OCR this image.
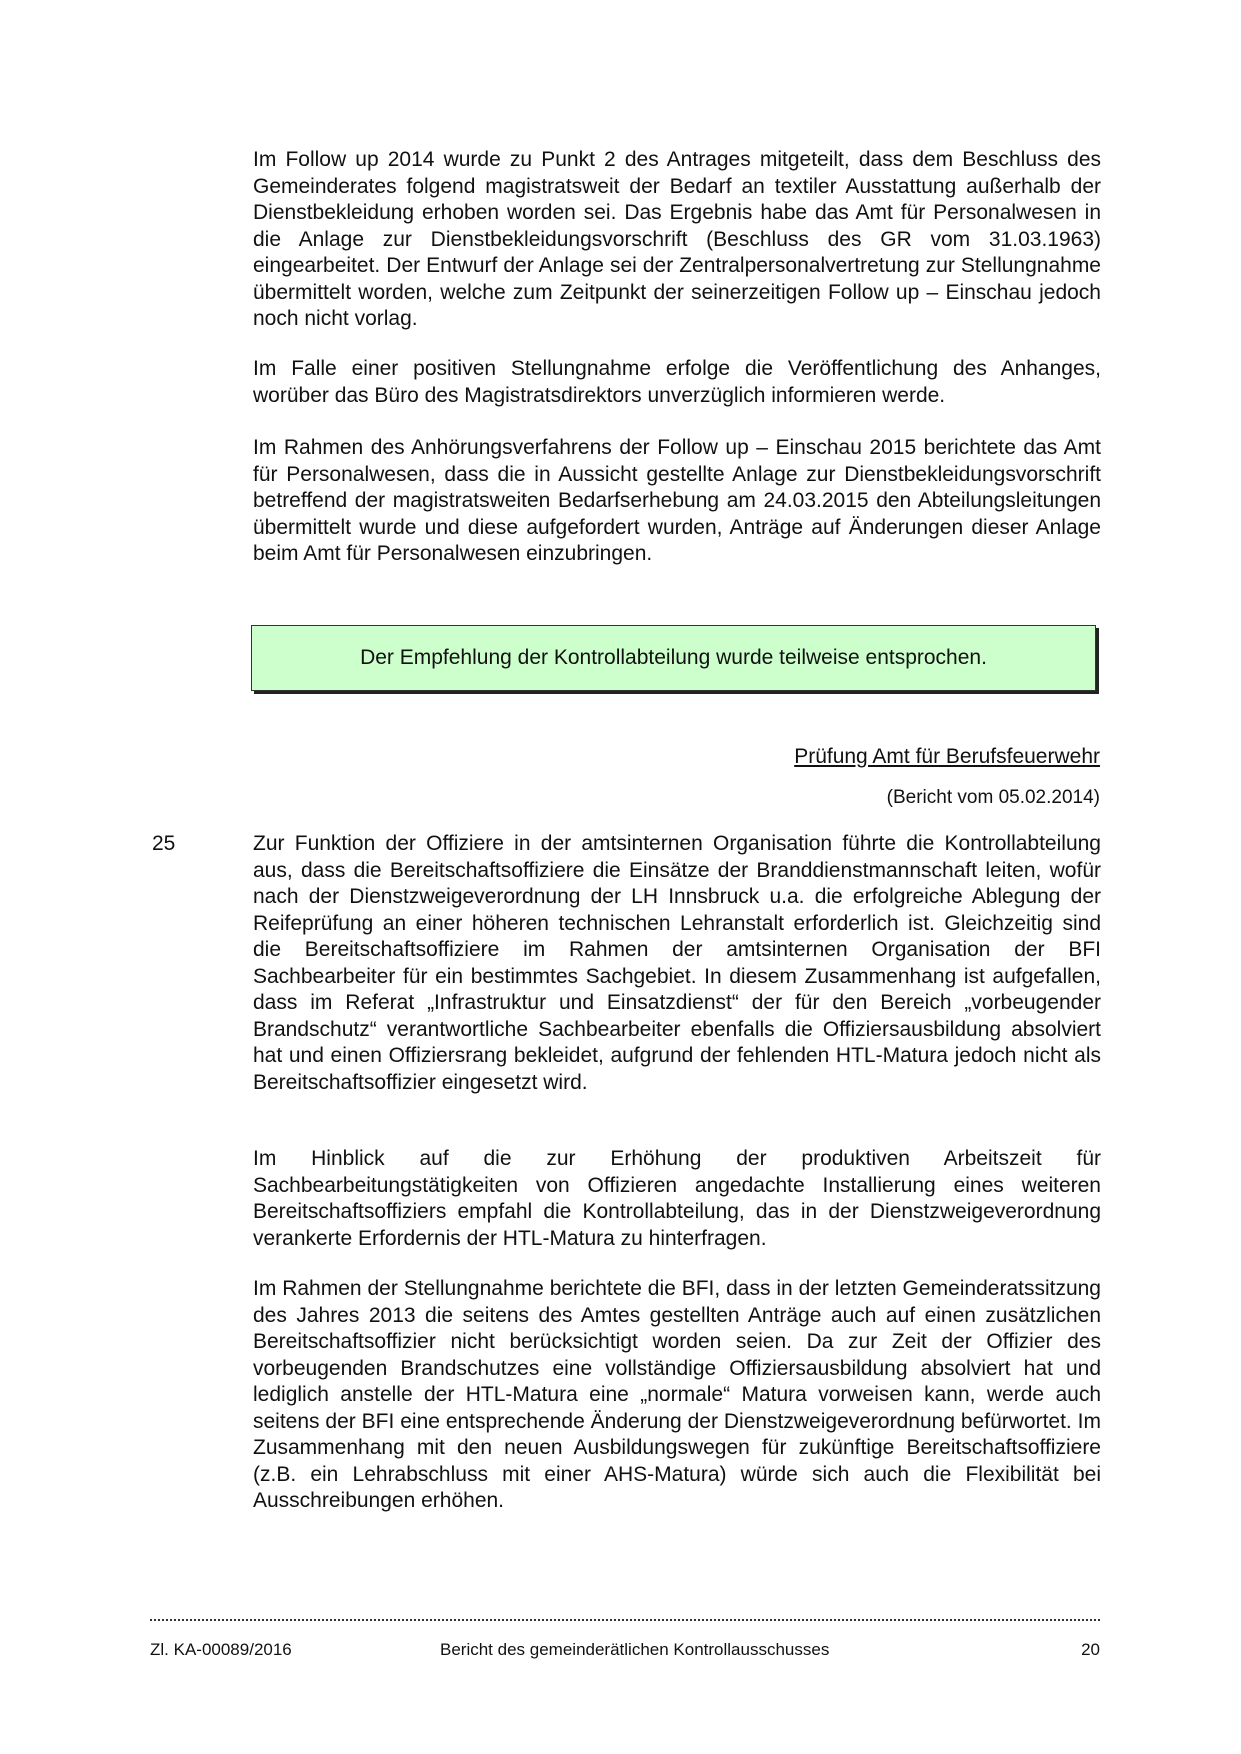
Im Follow up 2014 wurde zu Punkt 2 des Antrages mitgeteilt, dass dem Beschluss des Gemeinderates folgend magistratsweit der Bedarf an textiler Ausstattung außerhalb der Dienstbekleidung erhoben worden sei. Das Ergebnis habe das Amt für Personalwesen in die Anlage zur Dienstbekleidungsvorschrift (Beschluss des GR vom 31.03.1963) eingearbeitet. Der Entwurf der Anlage sei der Zentralpersonalvertretung zur Stellungnahme übermittelt worden, welche zum Zeitpunkt der seinerzeitigen Follow up – Einschau jedoch noch nicht vorlag.

Im Falle einer positiven Stellungnahme erfolge die Veröffentlichung des Anhanges, worüber das Büro des Magistratsdirektors unverzüglich informieren werde.

Im Rahmen des Anhörungsverfahrens der Follow up – Einschau 2015 berichtete das Amt für Personalwesen, dass die in Aussicht gestellte Anlage zur Dienstbekleidungsvorschrift betreffend der magistratsweiten Bedarfserhebung am 24.03.2015 den Abteilungsleitungen übermittelt wurde und diese aufgefordert wurden, Anträge auf Änderungen dieser Anlage beim Amt für Personalwesen einzubringen.

Der Empfehlung der Kontrollabteilung wurde teilweise entsprochen.
Prüfung Amt für Berufsfeuerwehr
(Bericht vom 05.02.2014)
25	Zur Funktion der Offiziere in der amtsinternen Organisation führte die Kontrollabteilung aus, dass die Bereitschaftsoffiziere die Einsätze der Branddienstmannschaft leiten, wofür nach der Dienstzweigeverordnung der LH Innsbruck u.a. die erfolgreiche Ablegung der Reifeprüfung an einer höheren technischen Lehranstalt erforderlich ist. Gleichzeitig sind die Bereitschaftsoffiziere im Rahmen der amtsinternen Organisation der BFI Sachbearbeiter für ein bestimmtes Sachgebiet. In diesem Zusammenhang ist aufgefallen, dass im Referat „Infrastruktur und Einsatzdienst“ der für den Bereich „vorbeugender Brandschutz“ verantwortliche Sachbearbeiter ebenfalls die Offiziersausbildung absolviert hat und einen Offiziersrang bekleidet, aufgrund der fehlenden HTL-Matura jedoch nicht als Bereitschaftsoffizier eingesetzt wird.

Im Hinblick auf die zur Erhöhung der produktiven Arbeitszeit für Sachbearbeitungstätigkeiten von Offizieren angedachte Installierung eines weiteren Bereitschaftsoffiziers empfahl die Kontrollabteilung, das in der Dienstzweigeverordnung verankerte Erfordernis der HTL-Matura zu hinterfragen.

Im Rahmen der Stellungnahme berichtete die BFI, dass in der letzten Gemeinderatssitzung des Jahres 2013 die seitens des Amtes gestellten Anträge auch auf einen zusätzlichen Bereitschaftsoffizier nicht berücksichtigt worden seien. Da zur Zeit der Offizier des vorbeugenden Brandschutzes eine vollständige Offiziersausbildung absolviert hat und lediglich anstelle der HTL-Matura eine „normale“ Matura vorweisen kann, werde auch seitens der BFI eine entsprechende Änderung der Dienstzweigeverordnung befürwortet. Im Zusammenhang mit den neuen Ausbildungswegen für zukünftige Bereitschaftsoffiziere (z.B. ein Lehrabschluss mit einer AHS-Matura) würde sich auch die Flexibilität bei Ausschreibungen erhöhen.

Zl. KA-00089/2016	Bericht des gemeinderätlichen Kontrollausschusses	20
